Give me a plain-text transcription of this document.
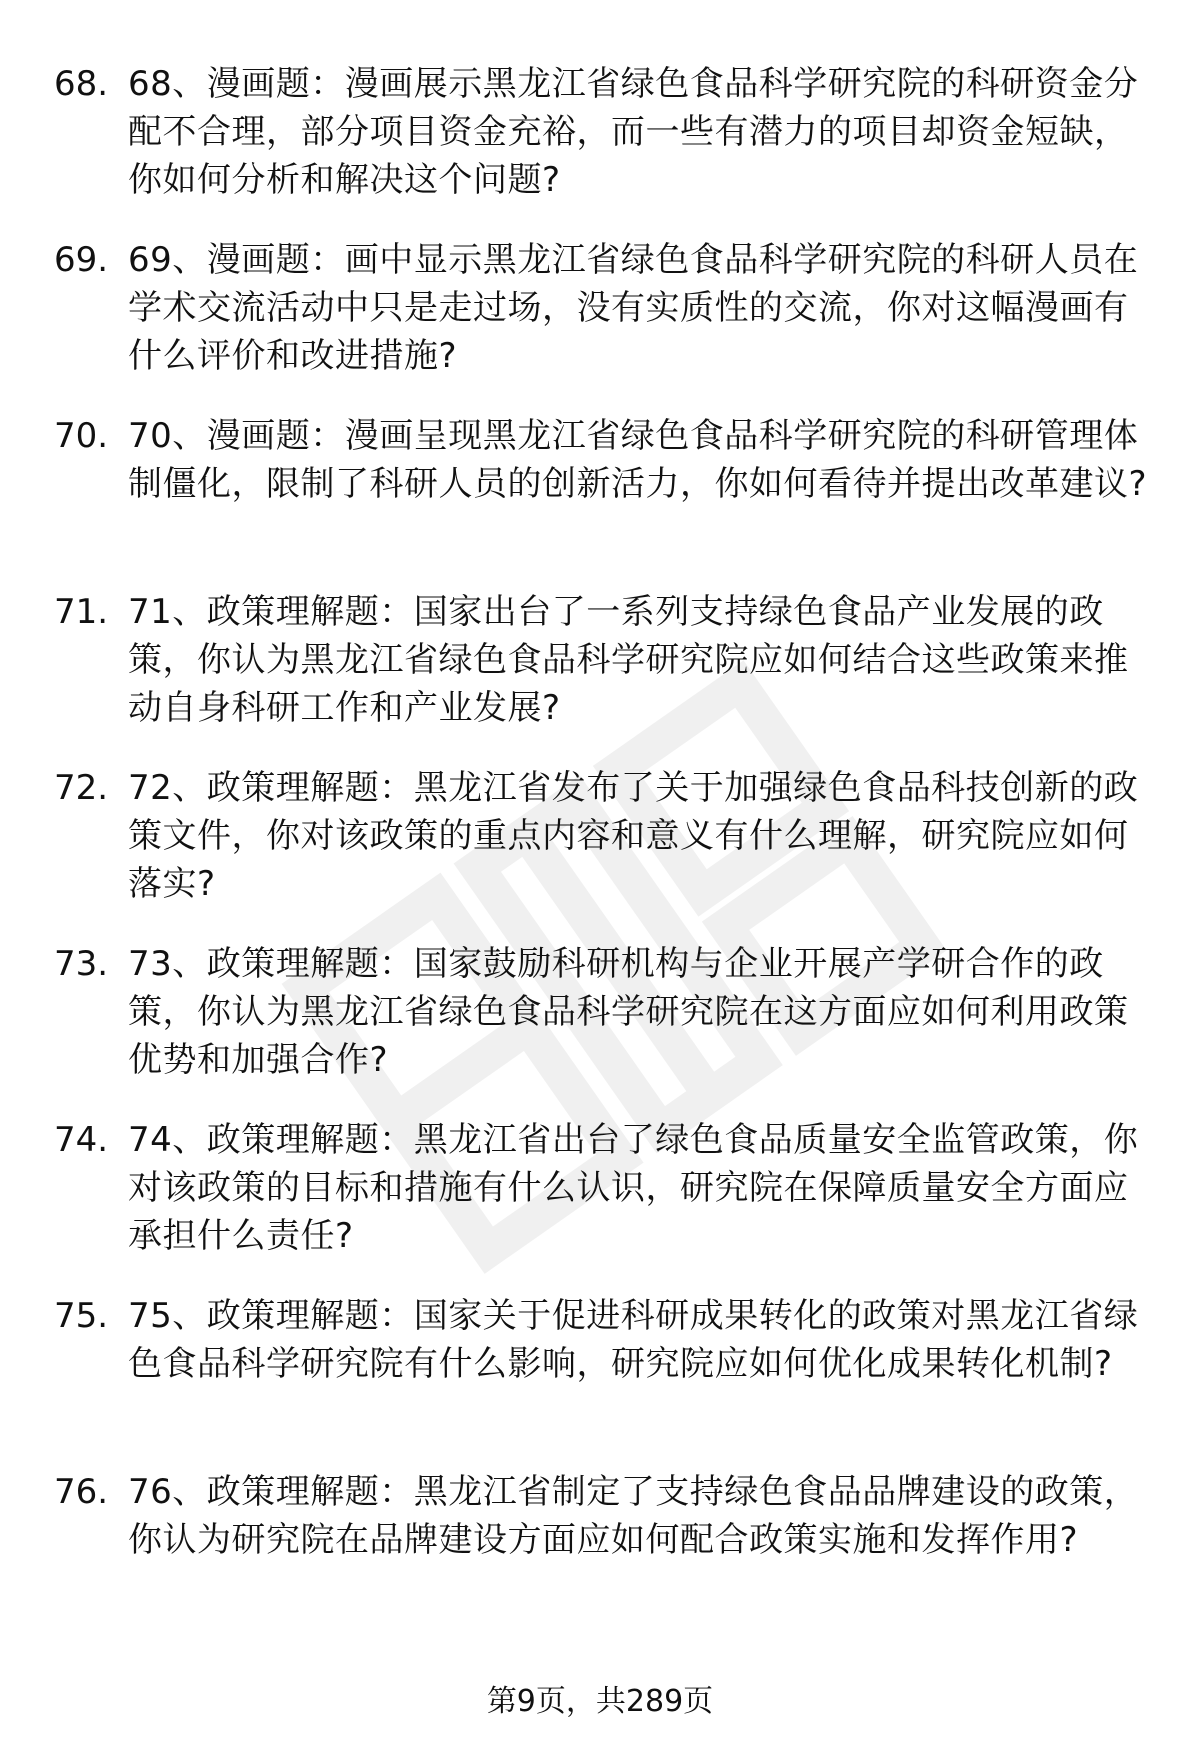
68. 68、漫画题：漫画展示黑龙江省绿色食品科学研究院的科研资金分配不合理，部分项目资金充裕，而一些有潜力的项目却资金短缺，你如何分析和解决这个问题?
69. 69、漫画题：画中显示黑龙江省绿色食品科学研究院的科研人员在学术交流活动中只是走过场，没有实质性的交流，你对这幅漫画有什么评价和改进措施?
70. 70、漫画题：漫画呈现黑龙江省绿色食品科学研究院的科研管理体制僵化，限制了科研人员的创新活力，你如何看待并提出改革建议?
71. 71、政策理解题：国家出台了一系列支持绿色食品产业发展的政策，你认为黑龙江省绿色食品科学研究院应如何结合这些政策来推动自身科研工作和产业发展?
72. 72、政策理解题：黑龙江省发布了关于加强绿色食品科技创新的政策文件，你对该政策的重点内容和意义有什么理解，研究院应如何落实?
73. 73、政策理解题：国家鼓励科研机构与企业开展产学研合作的政策，你认为黑龙江省绿色食品科学研究院在这方面应如何利用政策优势和加强合作?
74. 74、政策理解题：黑龙江省出台了绿色食品质量安全监管政策，你对该政策的目标和措施有什么认识，研究院在保障质量安全方面应承担什么责任?
75. 75、政策理解题：国家关于促进科研成果转化的政策对黑龙江省绿色食品科学研究院有什么影响，研究院应如何优化成果转化机制?
76. 76、政策理解题：黑龙江省制定了支持绿色食品品牌建设的政策，你认为研究院在品牌建设方面应如何配合政策实施和发挥作用?
第9页，共289页
